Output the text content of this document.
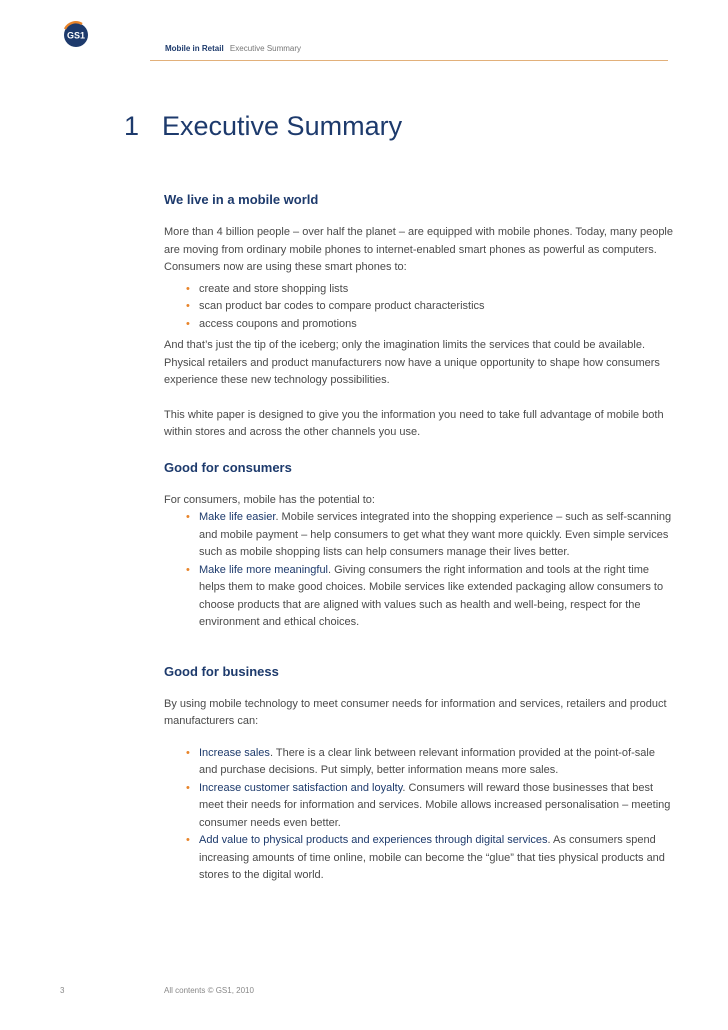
GS1
Mobile in Retail Executive Summary
1 Executive Summary
We live in a mobile world

More than 4 billion people – over half the planet – are equipped with mobile phones. Today, many people are moving from ordinary mobile phones to internet-enabled smart phones as powerful as computers. Consumers now are using these smart phones to:

• create and store shopping lists
• scan product bar codes to compare product characteristics
• access coupons and promotions

And that’s just the tip of the iceberg; only the imagination limits the services that could be available. Physical retailers and product manufacturers now have a unique opportunity to shape how consumers experience these new technology possibilities.

This white paper is designed to give you the information you need to take full advantage of mobile both within stores and across the other channels you use.

Good for consumers

For consumers, mobile has the potential to:

• Make life easier. Mobile services integrated into the shopping experience – such as self-scanning and mobile payment – help consumers to get what they want more quickly. Even simple services such as mobile shopping lists can help consumers manage their lives better.
• Make life more meaningful. Giving consumers the right information and tools at the right time helps them to make good choices. Mobile services like extended packaging allow consumers to choose products that are aligned with values such as health and well-being, respect for the environment and ethical choices.
Good for business

By using mobile technology to meet consumer needs for information and services, retailers and product manufacturers can:

• Increase sales. There is a clear link between relevant information provided at the point-of-sale and purchase decisions. Put simply, better information means more sales.
• Increase customer satisfaction and loyalty. Consumers will reward those businesses that best meet their needs for information and services. Mobile allows increased personalisation – meeting consumer needs even better.
• Add value to physical products and experiences through digital services. As consumers spend increasing amounts of time online, mobile can become the “glue” that ties physical products and stores to the digital world.
3	All contents © GS1, 2010
